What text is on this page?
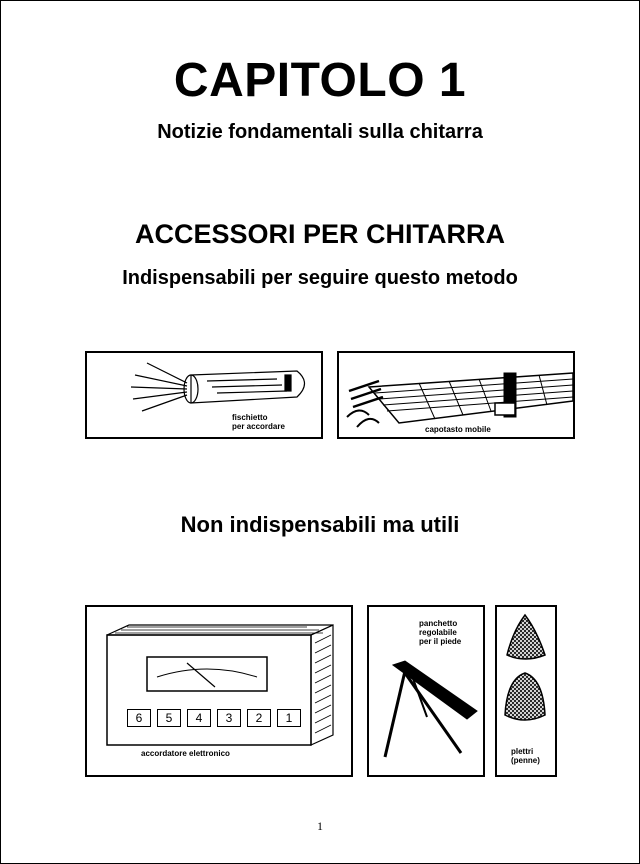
CAPITOLO 1
Notizie fondamentali sulla chitarra
ACCESSORI PER CHITARRA
Indispensabili per seguire questo metodo
fischietto
per accordare	capotasto mobile
Non indispensabili ma utili
6	5	4	3	2	1
accordatore elettronico
panchetto
regolabile
per il piede
plettri
(penne)
1
